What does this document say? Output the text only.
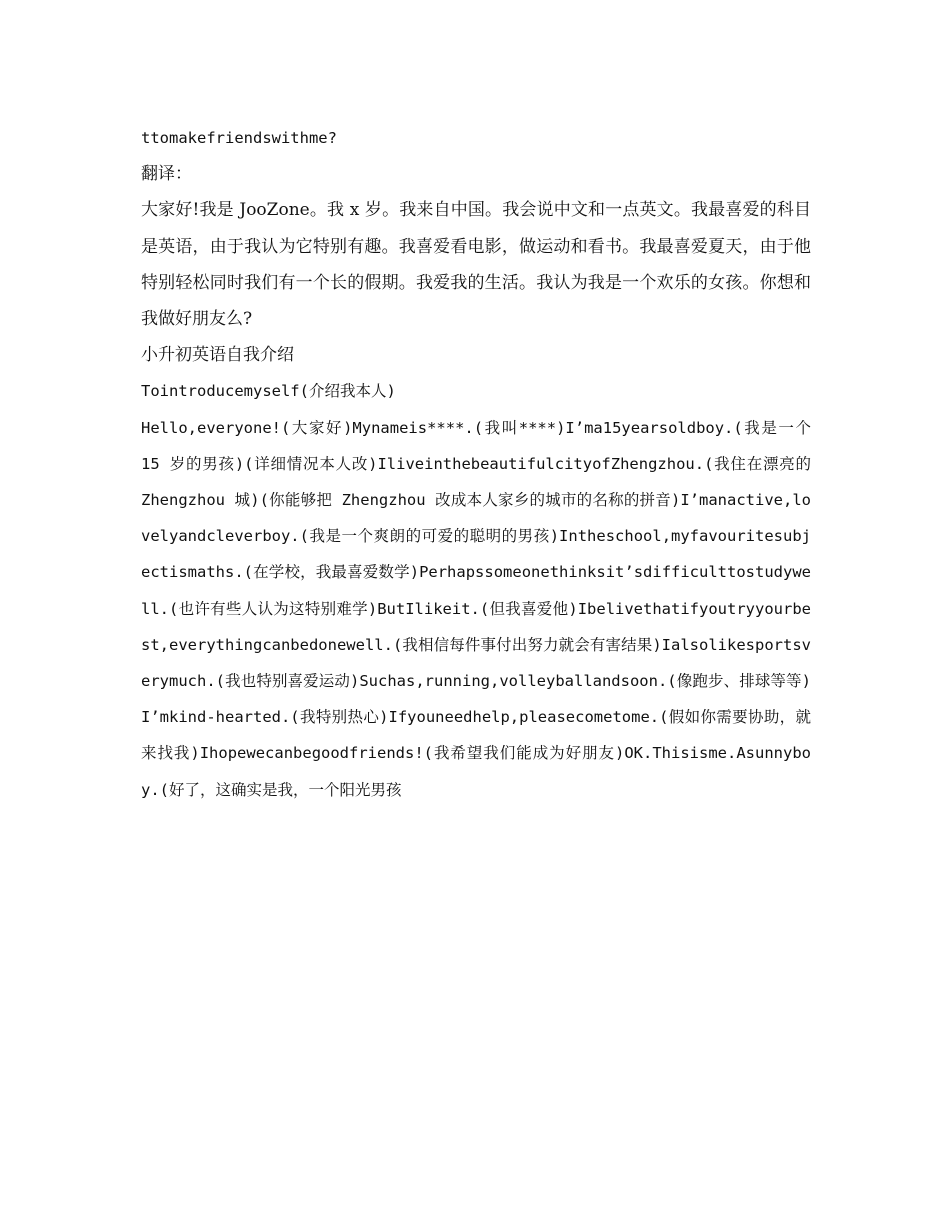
ttomakefriendswithme?
翻译：
大家好!我是 JooZone。我 x 岁。我来自中国。我会说中文和一点英文。我最喜爱的科目是英语，由于我认为它特别有趣。我喜爱看电影，做运动和看书。我最喜爱夏天，由于他特别轻松同时我们有一个长的假期。我爱我的生活。我认为我是一个欢乐的女孩。你想和我做好朋友么?
小升初英语自我介绍
Tointroducemyself(介绍我本人)
Hello,everyone!(大家好)Mynameis****.(我叫****)I’ma15yearsoldboy.(我是一个 15 岁的男孩)(详细情况本人改)IliveinthebeautifulcityofZhengzhou.(我住在漂亮的 Zhengzhou 城)(你能够把 Zhengzhou 改成本人家乡的城市的名称的拼音)I’manactive,lovelyandcleverboy.(我是一个爽朗的可爱的聪明的男孩)Intheschool,myfavouritesubjectismaths.(在学校，我最喜爱数学)Perhapssomeonethinksit’sdifficulttostudywell.(也许有些人认为这特别难学)ButIlikeit.(但我喜爱他)Ibelivethatifyoutryyourbest,everythingcanbedonewell.(我相信每件事付出努力就会有害结果)Ialsolikesportsverymuch.(我也特别喜爱运动)Suchas,running,volleyballandsoon.(像跑步、排球等等)I’mkind-hearted.(我特别热心)Ifyouneedhelp,pleasecometome.(假如你需要协助，就来找我)Ihopewecanbegoodfriends!(我希望我们能成为好朋友)OK.Thisisme.Asunnyboy.(好了，这确实是我，一个阳光男孩
